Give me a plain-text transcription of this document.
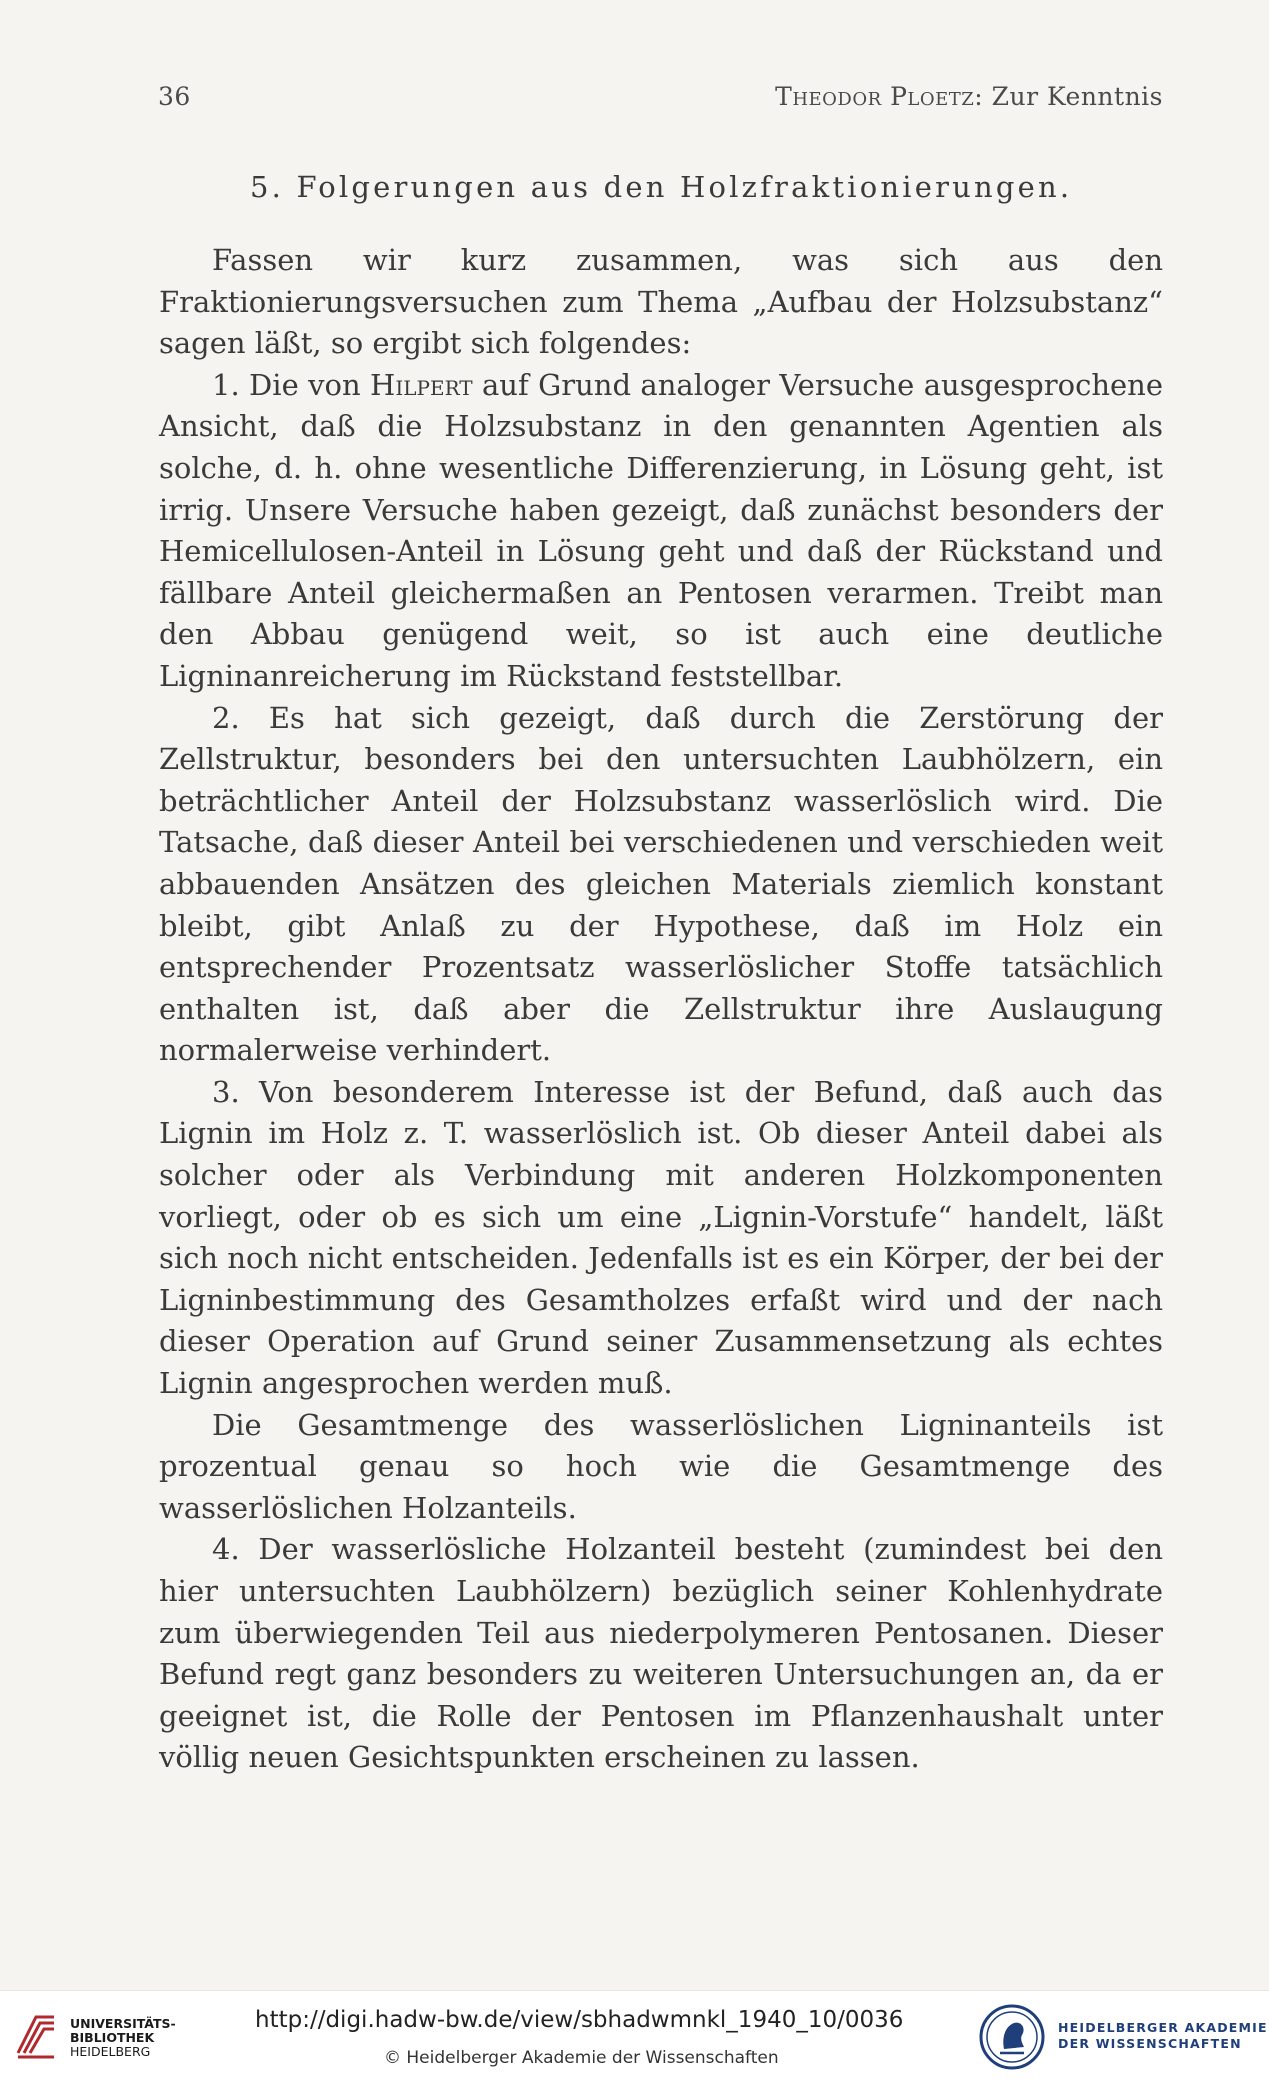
36	Theodor Ploetz: Zur Kenntnis
5. Folgerungen aus den Holzfraktionierungen.

Fassen wir kurz zusammen, was sich aus den Fraktionierungsversuchen zum Thema „Aufbau der Holzsubstanz“ sagen läßt, so ergibt sich folgendes:

1. Die von Hilpert auf Grund analoger Versuche ausgesprochene Ansicht, daß die Holzsubstanz in den genannten Agentien als solche, d. h. ohne wesentliche Differenzierung, in Lösung geht, ist irrig. Unsere Versuche haben gezeigt, daß zunächst besonders der Hemicellulosen-Anteil in Lösung geht und daß der Rückstand und fällbare Anteil gleichermaßen an Pentosen verarmen. Treibt man den Abbau genügend weit, so ist auch eine deutliche Ligninanreicherung im Rückstand feststellbar.

2. Es hat sich gezeigt, daß durch die Zerstörung der Zellstruktur, besonders bei den untersuchten Laubhölzern, ein beträchtlicher Anteil der Holzsubstanz wasserlöslich wird. Die Tatsache, daß dieser Anteil bei verschiedenen und verschieden weit abbauenden Ansätzen des gleichen Materials ziemlich konstant bleibt, gibt Anlaß zu der Hypothese, daß im Holz ein entsprechender Prozentsatz wasserlöslicher Stoffe tatsächlich enthalten ist, daß aber die Zellstruktur ihre Auslaugung normalerweise verhindert.

3. Von besonderem Interesse ist der Befund, daß auch das Lignin im Holz z. T. wasserlöslich ist. Ob dieser Anteil dabei als solcher oder als Verbindung mit anderen Holzkomponenten vorliegt, oder ob es sich um eine „Lignin-Vorstufe“ handelt, läßt sich noch nicht entscheiden. Jedenfalls ist es ein Körper, der bei der Ligninbestimmung des Gesamtholzes erfaßt wird und der nach dieser Operation auf Grund seiner Zusammensetzung als echtes Lignin angesprochen werden muß.

Die Gesamtmenge des wasserlöslichen Ligninanteils ist prozentual genau so hoch wie die Gesamtmenge des wasserlöslichen Holzanteils.

4. Der wasserlösliche Holzanteil besteht (zumindest bei den hier untersuchten Laubhölzern) bezüglich seiner Kohlenhydrate zum überwiegenden Teil aus niederpolymeren Pentosanen. Dieser Befund regt ganz besonders zu weiteren Untersuchungen an, da er geeignet ist, die Rolle der Pentosen im Pflanzenhaushalt unter völlig neuen Gesichtspunkten erscheinen zu lassen.

UNIVERSITÄTS-
BIBLIOTHEK
HEIDELBERG
http://digi.hadw-bw.de/view/sbhadwmnkl_1940_10/0036
© Heidelberger Akademie der Wissenschaften
HEIDELBERGER AKADEMIE
DER WISSENSCHAFTEN
